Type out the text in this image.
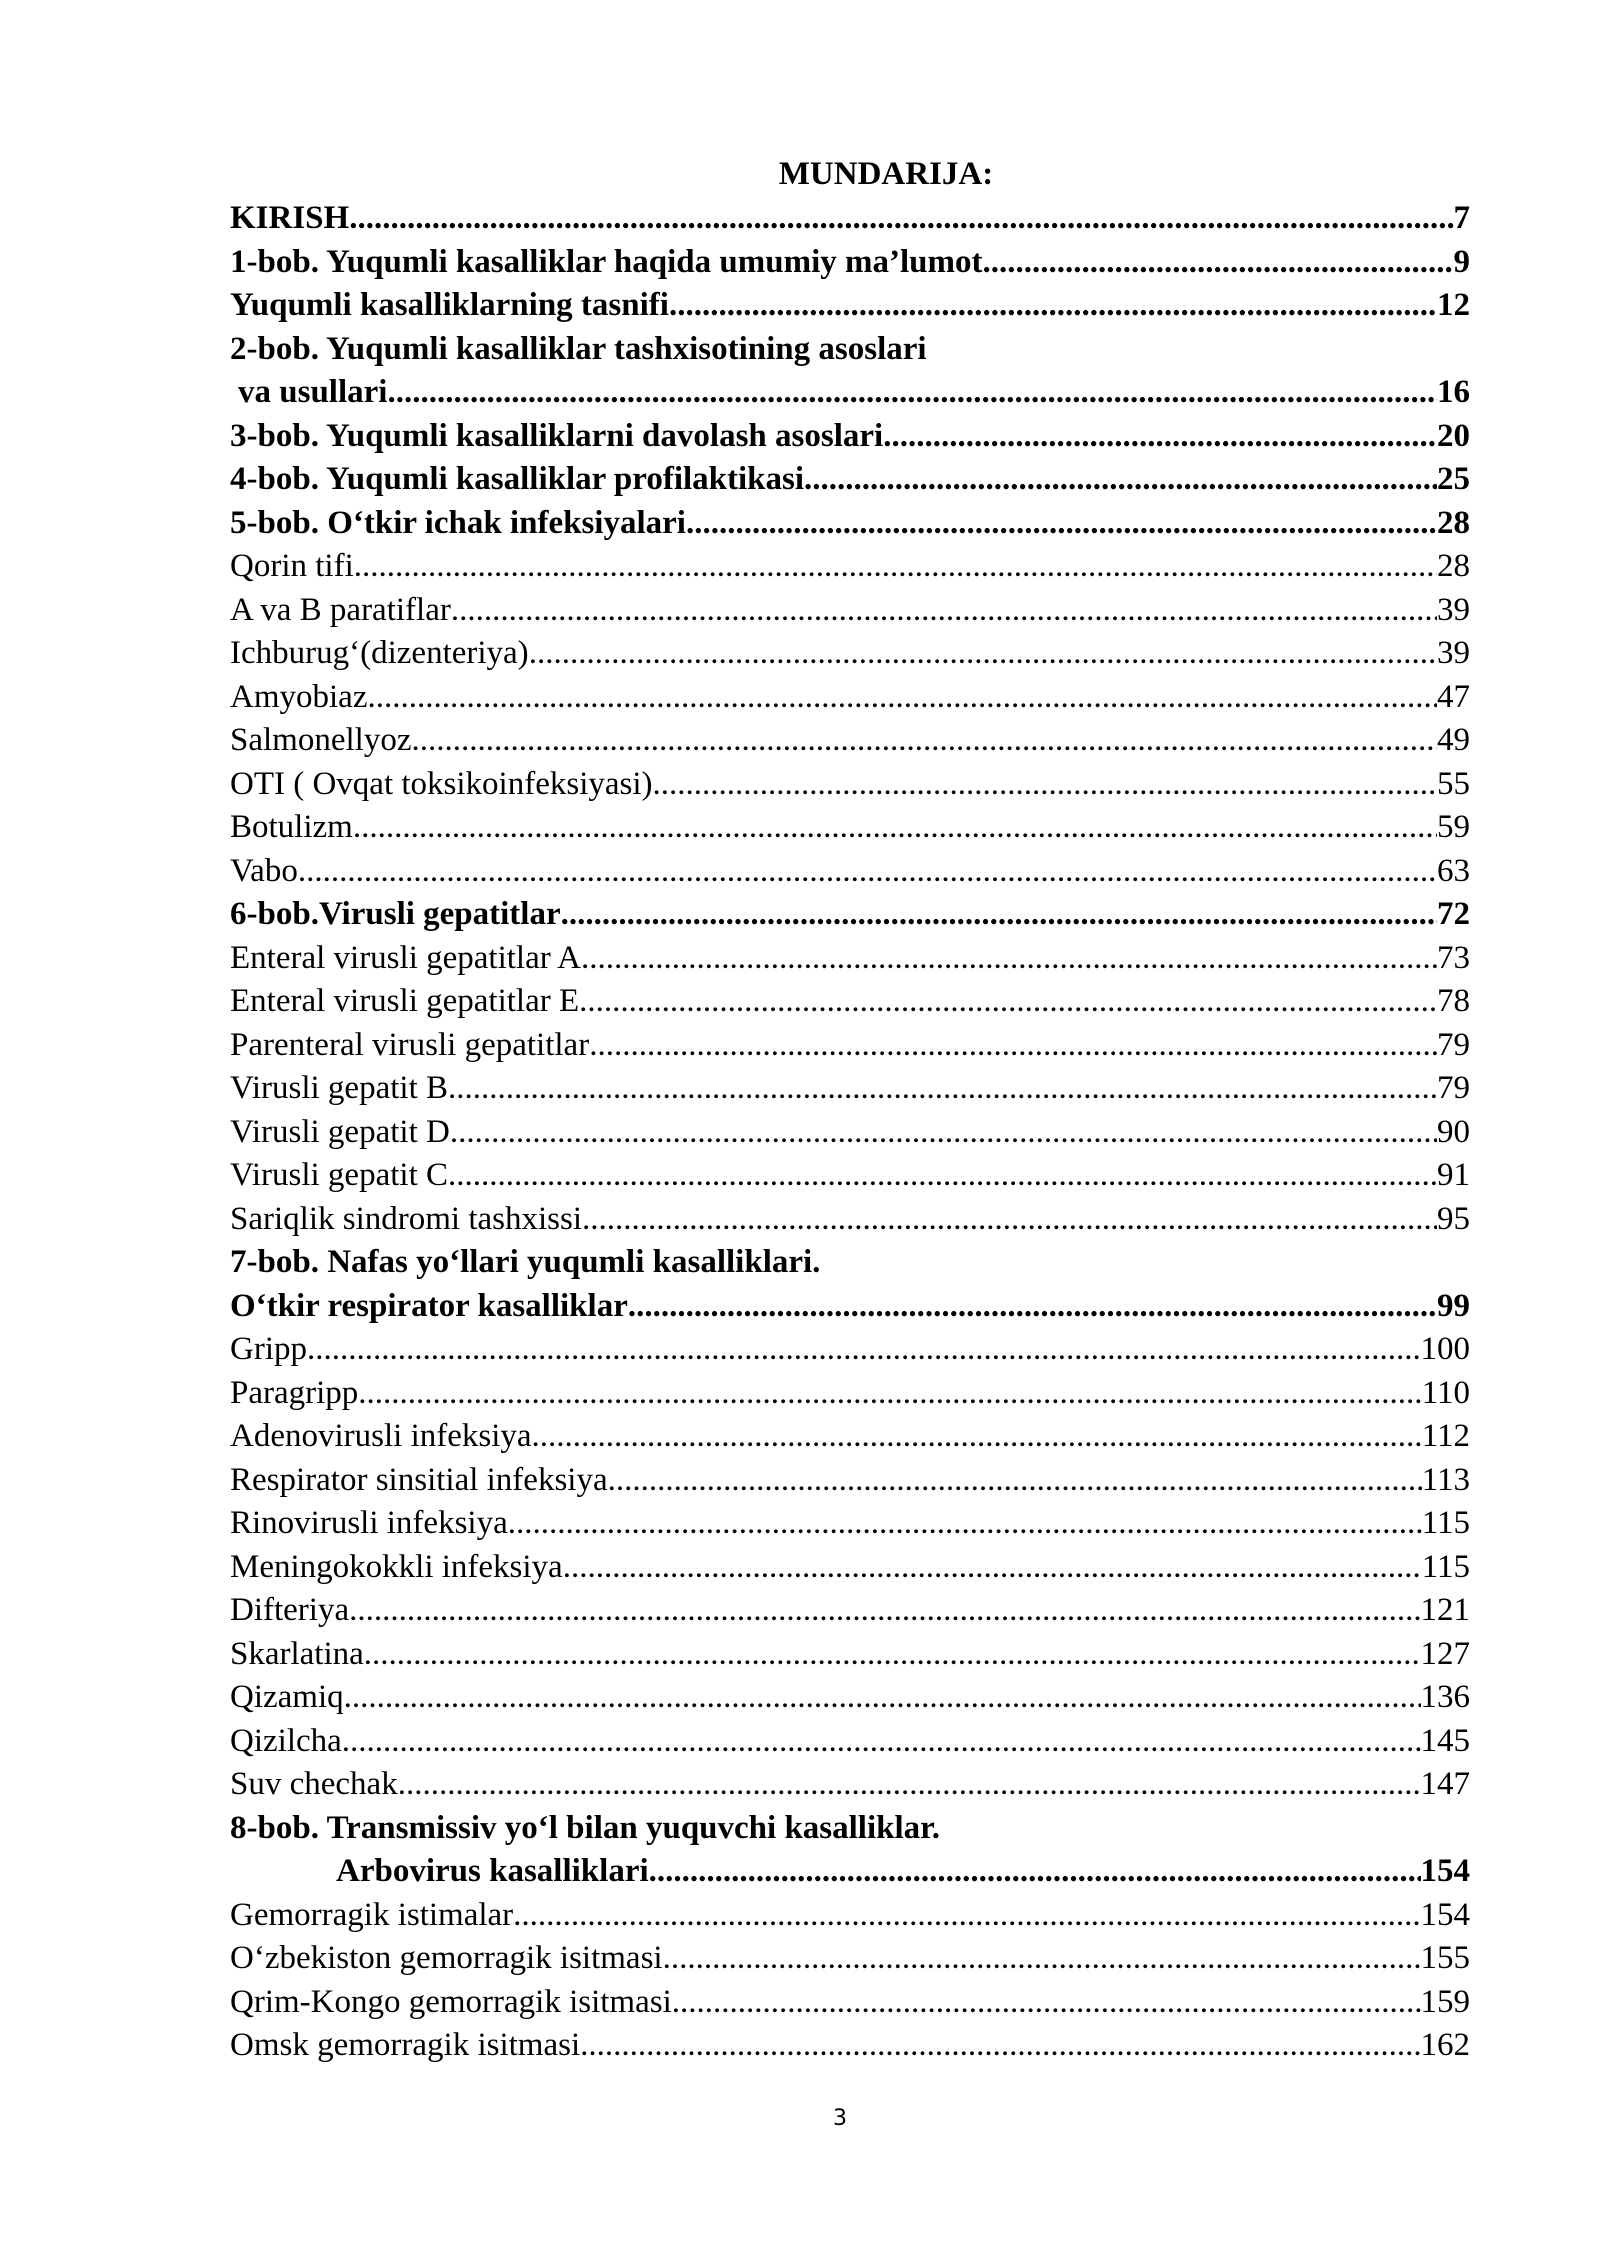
MUNDARIJA:
KIRISH .....	7
1-bob. Yuqumli kasalliklar haqida umumiy ma’lumot .....	9
Yuqumli kasalliklarning tasnifi .....	12
2-bob. Yuqumli kasalliklar tashxisotining asoslari
va usullari .....	16
3-bob. Yuqumli kasalliklarni davolash asoslari .....	20
4-bob. Yuqumli kasalliklar profilaktikasi .....	25
5-bob. O‘tkir ichak infeksiyalari .....	28
Qorin tifi .....	28
A va B paratiflar .....	39
Ichburug‘(dizenteriya) .....	39
Amyobiaz .....	47
Salmonellyoz .....	49
OTI ( Ovqat toksikoinfeksiyasi) .....	55
Botulizm .....	59
Vabo .....	63
6-bob.Virusli gepatitlar .....	72
Enteral virusli gepatitlar A .....	73
Enteral virusli gepatitlar E .....	78
Parenteral virusli gepatitlar .....	79
Virusli gepatit B .....	79
Virusli gepatit D .....	90
Virusli gepatit C .....	91
Sariqlik sindromi tashxissi .....	95
7-bob. Nafas yo‘llari yuqumli kasalliklari.
O‘tkir respirator kasalliklar .....	99
Gripp .....	100
Paragripp .....	110
Adenovirusli infeksiya .....	112
Respirator sinsitial infeksiya .....	113
Rinovirusli infeksiya .....	115
Meningokokkli infeksiya .....	115
Difteriya .....	121
Skarlatina .....	127
Qizamiq .....	136
Qizilcha .....	145
Suv chechak .....	147
8-bob. Transmissiv yo‘l bilan yuquvchi kasalliklar.
Arbovirus kasalliklari .....	154
Gemorragik istimalar .....	154
O‘zbekiston gemorragik isitmasi .....	155
Qrim-Kongo gemorragik isitmasi .....	159
Omsk gemorragik isitmasi .....	162
3
